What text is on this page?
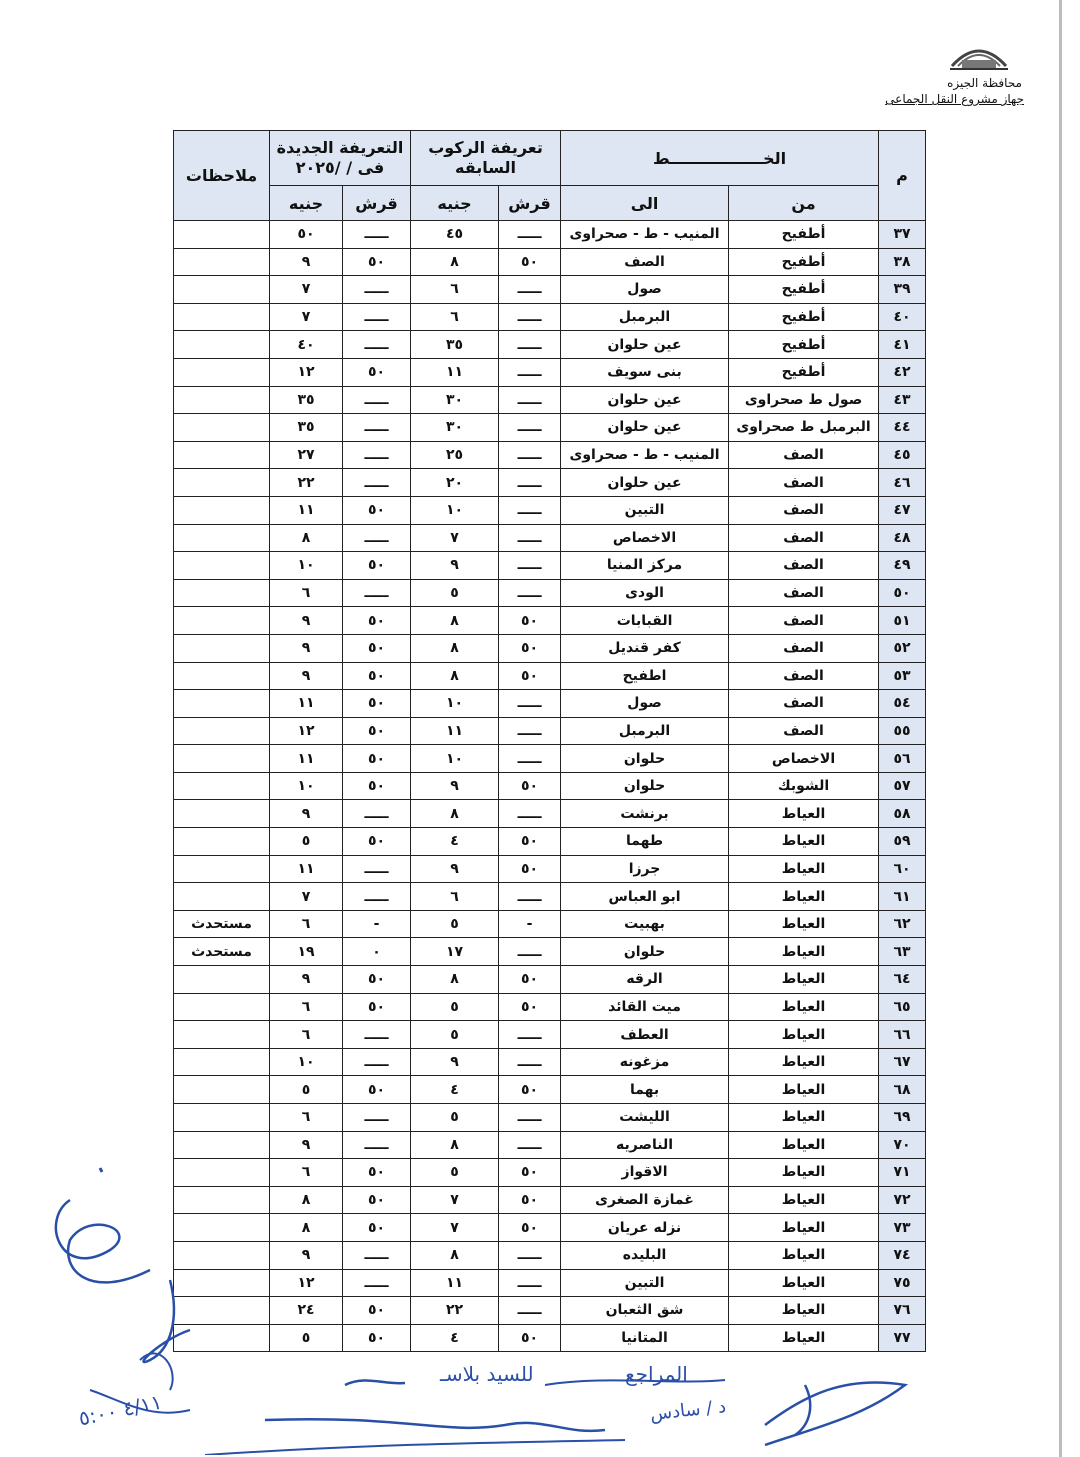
محافظة الجيزه
جهاز مشروع النقل الجماعى
م	الخـــــــــــــــــط		تعريفة الركوب السابقه		التعريفة الجديدة فى / /٢٠٢٥		ملاحظات
	من	الى	قرش	جنيه	قرش	جنيه	
٣٧	أطفيح	المنيب - ط - صحراوى	ـــــ	٤٥	ـــــ	٥٠	
٣٨	أطفيح	الصف	٥٠	٨	٥٠	٩	
٣٩	أطفيح	صول	ـــــ	٦	ـــــ	٧	
٤٠	أطفيح	البرمبل	ـــــ	٦	ـــــ	٧	
٤١	أطفيح	عين حلوان	ـــــ	٣٥	ـــــ	٤٠	
٤٢	أطفيح	بنى سويف	ـــــ	١١	٥٠	١٢	
٤٣	صول ط صحراوى	عين حلوان	ـــــ	٣٠	ـــــ	٣٥	
٤٤	البرمبل ط صحراوى	عين حلوان	ـــــ	٣٠	ـــــ	٣٥	
٤٥	الصف	المنيب - ط - صحراوى	ـــــ	٢٥	ـــــ	٢٧	
٤٦	الصف	عين حلوان	ـــــ	٢٠	ـــــ	٢٢	
٤٧	الصف	التبين	ـــــ	١٠	٥٠	١١	
٤٨	الصف	الاخصاص	ـــــ	٧	ـــــ	٨	
٤٩	الصف	مركز المنيا	ـــــ	٩	٥٠	١٠	
٥٠	الصف	الودى	ـــــ	٥	ـــــ	٦	
٥١	الصف	القبابات	٥٠	٨	٥٠	٩	
٥٢	الصف	كفر قنديل	٥٠	٨	٥٠	٩	
٥٣	الصف	اطفيح	٥٠	٨	٥٠	٩	
٥٤	الصف	صول	ـــــ	١٠	٥٠	١١	
٥٥	الصف	البرمبل	ـــــ	١١	٥٠	١٢	
٥٦	الاخصاص	حلوان	ـــــ	١٠	٥٠	١١	
٥٧	الشوبك	حلوان	٥٠	٩	٥٠	١٠	
٥٨	العياط	برنشت	ـــــ	٨	ـــــ	٩	
٥٩	العياط	طهما	٥٠	٤	٥٠	٥	
٦٠	العياط	جرزا	٥٠	٩	ـــــ	١١	
٦١	العياط	ابو العباس	ـــــ	٦	ـــــ	٧	
٦٢	العياط	بهبيت	-	٥	-	٦	مستحدث
٦٣	العياط	حلوان	ـــــ	١٧	٠	١٩	مستحدث
٦٤	العياط	الرقه	٥٠	٨	٥٠	٩	
٦٥	العياط	ميت القائد	٥٠	٥	٥٠	٦	
٦٦	العياط	العطف	ـــــ	٥	ـــــ	٦	
٦٧	العياط	مزغونه	ـــــ	٩	ـــــ	١٠	
٦٨	العياط	بهما	٥٠	٤	٥٠	٥	
٦٩	العياط	الليشت	ـــــ	٥	ـــــ	٦	
٧٠	العياط	الناصريه	ـــــ	٨	ـــــ	٩	
٧١	العياط	الاقواز	٥٠	٥	٥٠	٦	
٧٢	العياط	غمازة الصغرى	٥٠	٧	٥٠	٨	
٧٣	العياط	نزله عريان	٥٠	٧	٥٠	٨	
٧٤	العياط	البليده	ـــــ	٨	ـــــ	٩	
٧٥	العياط	التبين	ـــــ	١١	ـــــ	١٢	
٧٦	العياط	شق الثعبان	ـــــ	٢٢	٥٠	٢٤	
٧٧	العياط	المتانيا	٥٠	٤	٥٠	٥	
٤/١١ ٥:٠٠
للسيد بلاسـ	المراجع
د / سادس
